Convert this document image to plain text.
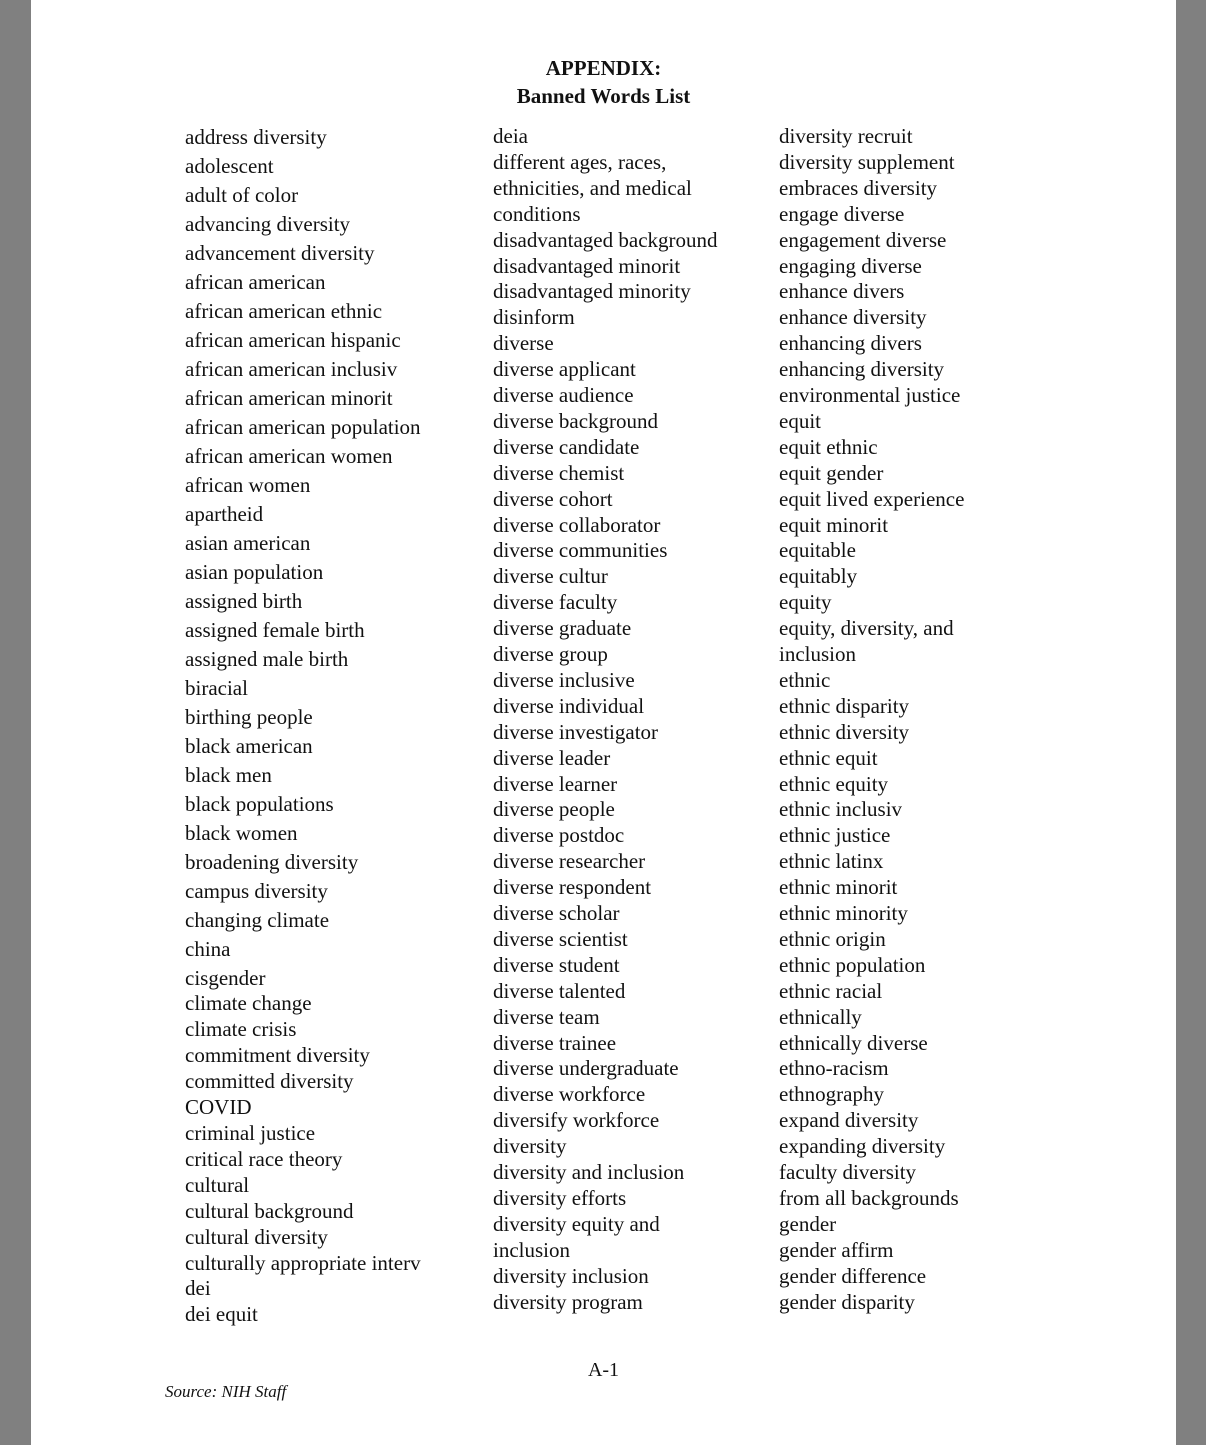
APPENDIX:
Banned Words List
address diversity
adolescent
adult of color
advancing diversity
advancement diversity
african american
african american ethnic
african american hispanic
african american inclusiv
african american minorit
african american population
african american women
african women
apartheid
asian american
asian population
assigned birth
assigned female birth
assigned male birth
biracial
birthing people
black american
black men
black populations
black women
broadening diversity
campus diversity
changing climate
china
cisgender
climate change
climate crisis
commitment diversity
committed diversity
COVID
criminal justice
critical race theory
cultural
cultural background
cultural diversity
culturally appropriate interv
dei
dei equit
deia
different ages, races,
ethnicities, and medical
conditions
disadvantaged background
disadvantaged minorit
disadvantaged minority
disinform
diverse
diverse applicant
diverse audience
diverse background
diverse candidate
diverse chemist
diverse cohort
diverse collaborator
diverse communities
diverse cultur
diverse faculty
diverse graduate
diverse group
diverse inclusive
diverse individual
diverse investigator
diverse leader
diverse learner
diverse people
diverse postdoc
diverse researcher
diverse respondent
diverse scholar
diverse scientist
diverse student
diverse talented
diverse team
diverse trainee
diverse undergraduate
diverse workforce
diversify workforce
diversity
diversity and inclusion
diversity efforts
diversity equity and
inclusion
diversity inclusion
diversity program
diversity recruit
diversity supplement
embraces diversity
engage diverse
engagement diverse
engaging diverse
enhance divers
enhance diversity
enhancing divers
enhancing diversity
environmental justice
equit
equit ethnic
equit gender
equit lived experience
equit minorit
equitable
equitably
equity
equity, diversity, and
inclusion
ethnic
ethnic disparity
ethnic diversity
ethnic equit
ethnic equity
ethnic inclusiv
ethnic justice
ethnic latinx
ethnic minorit
ethnic minority
ethnic origin
ethnic population
ethnic racial
ethnically
ethnically diverse
ethno-racism
ethnography
expand diversity
expanding diversity
faculty diversity
from all backgrounds
gender
gender affirm
gender difference
gender disparity
A-1
Source: NIH Staff
